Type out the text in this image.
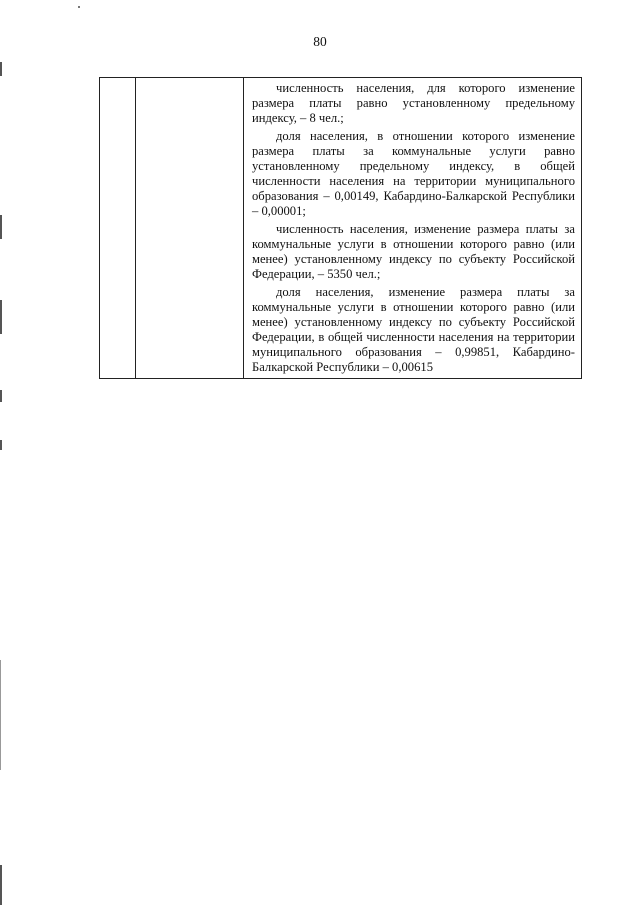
80

численность населения, для которого изменение размера платы равно установленному предельному индексу, – 8 чел.;

доля населения, в отношении которого изменение размера платы за коммунальные услуги равно установленному предельному индексу, в общей численности населения на территории муниципального образования – 0,00149, Кабардино-Балкарской Республики – 0,00001;

численность населения, изменение размера платы за коммунальные услуги в отношении которого равно (или менее) установленному индексу по субъекту Российской Федерации, – 5350 чел.;

доля населения, изменение размера платы за коммунальные услуги в отношении которого равно (или менее) установленному индексу по субъекту Российской Федерации, в общей численности населения на территории муниципального образования – 0,99851, Кабардино-Балкарской Республики – 0,00615
